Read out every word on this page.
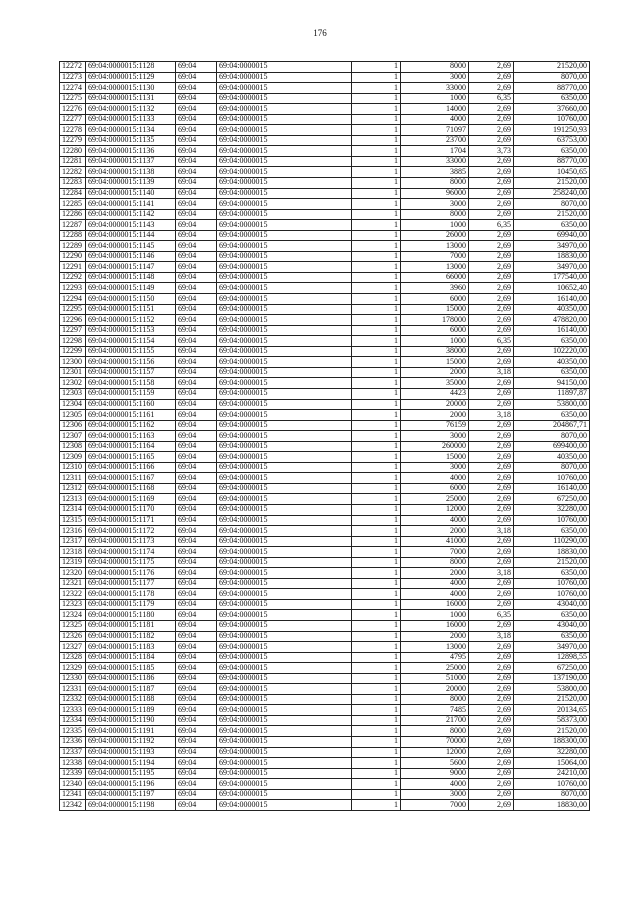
176
12272	69:04:0000015:1128	69:04	69:04:0000015	1	8000	2,69	21520,00
12273	69:04:0000015:1129	69:04	69:04:0000015	1	3000	2,69	8070,00
12274	69:04:0000015:1130	69:04	69:04:0000015	1	33000	2,69	88770,00
12275	69:04:0000015:1131	69:04	69:04:0000015	1	1000	6,35	6350,00
12276	69:04:0000015:1132	69:04	69:04:0000015	1	14000	2,69	37660,00
12277	69:04:0000015:1133	69:04	69:04:0000015	1	4000	2,69	10760,00
12278	69:04:0000015:1134	69:04	69:04:0000015	1	71097	2,69	191250,93
12279	69:04:0000015:1135	69:04	69:04:0000015	1	23700	2,69	63753,00
12280	69:04:0000015:1136	69:04	69:04:0000015	1	1704	3,73	6350,00
12281	69:04:0000015:1137	69:04	69:04:0000015	1	33000	2,69	88770,00
12282	69:04:0000015:1138	69:04	69:04:0000015	1	3885	2,69	10450,65
12283	69:04:0000015:1139	69:04	69:04:0000015	1	8000	2,69	21520,00
12284	69:04:0000015:1140	69:04	69:04:0000015	1	96000	2,69	258240,00
12285	69:04:0000015:1141	69:04	69:04:0000015	1	3000	2,69	8070,00
12286	69:04:0000015:1142	69:04	69:04:0000015	1	8000	2,69	21520,00
12287	69:04:0000015:1143	69:04	69:04:0000015	1	1000	6,35	6350,00
12288	69:04:0000015:1144	69:04	69:04:0000015	1	26000	2,69	69940,00
12289	69:04:0000015:1145	69:04	69:04:0000015	1	13000	2,69	34970,00
12290	69:04:0000015:1146	69:04	69:04:0000015	1	7000	2,69	18830,00
12291	69:04:0000015:1147	69:04	69:04:0000015	1	13000	2,69	34970,00
12292	69:04:0000015:1148	69:04	69:04:0000015	1	66000	2,69	177540,00
12293	69:04:0000015:1149	69:04	69:04:0000015	1	3960	2,69	10652,40
12294	69:04:0000015:1150	69:04	69:04:0000015	1	6000	2,69	16140,00
12295	69:04:0000015:1151	69:04	69:04:0000015	1	15000	2,69	40350,00
12296	69:04:0000015:1152	69:04	69:04:0000015	1	178000	2,69	478820,00
12297	69:04:0000015:1153	69:04	69:04:0000015	1	6000	2,69	16140,00
12298	69:04:0000015:1154	69:04	69:04:0000015	1	1000	6,35	6350,00
12299	69:04:0000015:1155	69:04	69:04:0000015	1	38000	2,69	102220,00
12300	69:04:0000015:1156	69:04	69:04:0000015	1	15000	2,69	40350,00
12301	69:04:0000015:1157	69:04	69:04:0000015	1	2000	3,18	6350,00
12302	69:04:0000015:1158	69:04	69:04:0000015	1	35000	2,69	94150,00
12303	69:04:0000015:1159	69:04	69:04:0000015	1	4423	2,69	11897,87
12304	69:04:0000015:1160	69:04	69:04:0000015	1	20000	2,69	53800,00
12305	69:04:0000015:1161	69:04	69:04:0000015	1	2000	3,18	6350,00
12306	69:04:0000015:1162	69:04	69:04:0000015	1	76159	2,69	204867,71
12307	69:04:0000015:1163	69:04	69:04:0000015	1	3000	2,69	8070,00
12308	69:04:0000015:1164	69:04	69:04:0000015	1	260000	2,69	699400,00
12309	69:04:0000015:1165	69:04	69:04:0000015	1	15000	2,69	40350,00
12310	69:04:0000015:1166	69:04	69:04:0000015	1	3000	2,69	8070,00
12311	69:04:0000015:1167	69:04	69:04:0000015	1	4000	2,69	10760,00
12312	69:04:0000015:1168	69:04	69:04:0000015	1	6000	2,69	16140,00
12313	69:04:0000015:1169	69:04	69:04:0000015	1	25000	2,69	67250,00
12314	69:04:0000015:1170	69:04	69:04:0000015	1	12000	2,69	32280,00
12315	69:04:0000015:1171	69:04	69:04:0000015	1	4000	2,69	10760,00
12316	69:04:0000015:1172	69:04	69:04:0000015	1	2000	3,18	6350,00
12317	69:04:0000015:1173	69:04	69:04:0000015	1	41000	2,69	110290,00
12318	69:04:0000015:1174	69:04	69:04:0000015	1	7000	2,69	18830,00
12319	69:04:0000015:1175	69:04	69:04:0000015	1	8000	2,69	21520,00
12320	69:04:0000015:1176	69:04	69:04:0000015	1	2000	3,18	6350,00
12321	69:04:0000015:1177	69:04	69:04:0000015	1	4000	2,69	10760,00
12322	69:04:0000015:1178	69:04	69:04:0000015	1	4000	2,69	10760,00
12323	69:04:0000015:1179	69:04	69:04:0000015	1	16000	2,69	43040,00
12324	69:04:0000015:1180	69:04	69:04:0000015	1	1000	6,35	6350,00
12325	69:04:0000015:1181	69:04	69:04:0000015	1	16000	2,69	43040,00
12326	69:04:0000015:1182	69:04	69:04:0000015	1	2000	3,18	6350,00
12327	69:04:0000015:1183	69:04	69:04:0000015	1	13000	2,69	34970,00
12328	69:04:0000015:1184	69:04	69:04:0000015	1	4795	2,69	12898,55
12329	69:04:0000015:1185	69:04	69:04:0000015	1	25000	2,69	67250,00
12330	69:04:0000015:1186	69:04	69:04:0000015	1	51000	2,69	137190,00
12331	69:04:0000015:1187	69:04	69:04:0000015	1	20000	2,69	53800,00
12332	69:04:0000015:1188	69:04	69:04:0000015	1	8000	2,69	21520,00
12333	69:04:0000015:1189	69:04	69:04:0000015	1	7485	2,69	20134,65
12334	69:04:0000015:1190	69:04	69:04:0000015	1	21700	2,69	58373,00
12335	69:04:0000015:1191	69:04	69:04:0000015	1	8000	2,69	21520,00
12336	69:04:0000015:1192	69:04	69:04:0000015	1	70000	2,69	188300,00
12337	69:04:0000015:1193	69:04	69:04:0000015	1	12000	2,69	32280,00
12338	69:04:0000015:1194	69:04	69:04:0000015	1	5600	2,69	15064,00
12339	69:04:0000015:1195	69:04	69:04:0000015	1	9000	2,69	24210,00
12340	69:04:0000015:1196	69:04	69:04:0000015	1	4000	2,69	10760,00
12341	69:04:0000015:1197	69:04	69:04:0000015	1	3000	2,69	8070,00
12342	69:04:0000015:1198	69:04	69:04:0000015	1	7000	2,69	18830,00
